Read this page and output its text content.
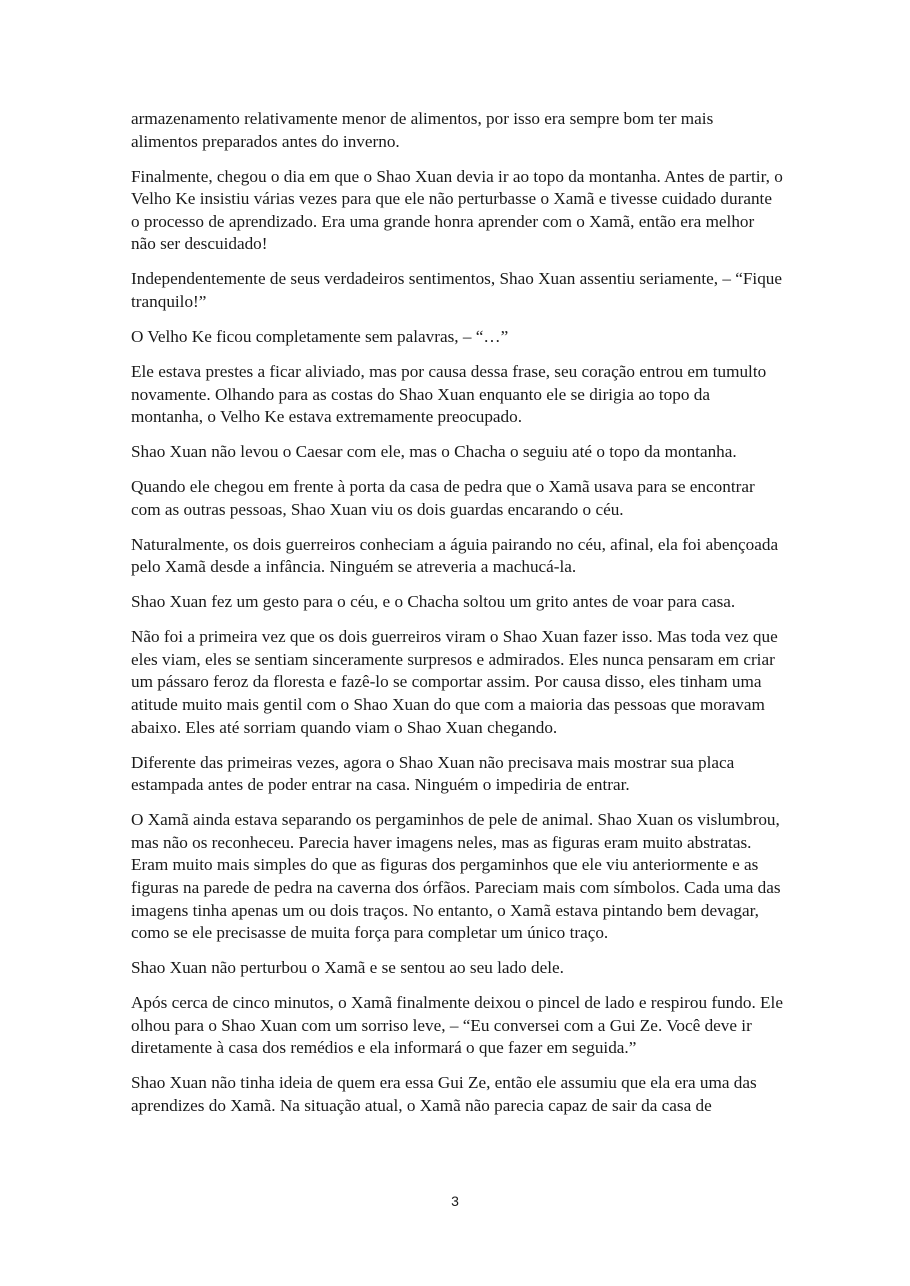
armazenamento relativamente menor de alimentos, por isso era sempre bom ter mais alimentos preparados antes do inverno.

Finalmente, chegou o dia em que o Shao Xuan devia ir ao topo da montanha. Antes de partir, o Velho Ke insistiu várias vezes para que ele não perturbasse o Xamã e tivesse cuidado durante o processo de aprendizado. Era uma grande honra aprender com o Xamã, então era melhor não ser descuidado!

Independentemente de seus verdadeiros sentimentos, Shao Xuan assentiu seriamente, – “Fique tranquilo!”

O Velho Ke ficou completamente sem palavras, – “…”

Ele estava prestes a ficar aliviado, mas por causa dessa frase, seu coração entrou em tumulto novamente. Olhando para as costas do Shao Xuan enquanto ele se dirigia ao topo da montanha, o Velho Ke estava extremamente preocupado.

Shao Xuan não levou o Caesar com ele, mas o Chacha o seguiu até o topo da montanha.

Quando ele chegou em frente à porta da casa de pedra que o Xamã usava para se encontrar com as outras pessoas, Shao Xuan viu os dois guardas encarando o céu.

Naturalmente, os dois guerreiros conheciam a águia pairando no céu, afinal, ela foi abençoada pelo Xamã desde a infância. Ninguém se atreveria a machucá-la.

Shao Xuan fez um gesto para o céu, e o Chacha soltou um grito antes de voar para casa.

Não foi a primeira vez que os dois guerreiros viram o Shao Xuan fazer isso. Mas toda vez que eles viam, eles se sentiam sinceramente surpresos e admirados. Eles nunca pensaram em criar um pássaro feroz da floresta e fazê-lo se comportar assim. Por causa disso, eles tinham uma atitude muito mais gentil com o Shao Xuan do que com a maioria das pessoas que moravam abaixo. Eles até sorriam quando viam o Shao Xuan chegando.

Diferente das primeiras vezes, agora o Shao Xuan não precisava mais mostrar sua placa estampada antes de poder entrar na casa. Ninguém o impediria de entrar.

O Xamã ainda estava separando os pergaminhos de pele de animal. Shao Xuan os vislumbrou, mas não os reconheceu. Parecia haver imagens neles, mas as figuras eram muito abstratas. Eram muito mais simples do que as figuras dos pergaminhos que ele viu anteriormente e as figuras na parede de pedra na caverna dos órfãos. Pareciam mais com símbolos. Cada uma das imagens tinha apenas um ou dois traços. No entanto, o Xamã estava pintando bem devagar, como se ele precisasse de muita força para completar um único traço.

Shao Xuan não perturbou o Xamã e se sentou ao seu lado dele.

Após cerca de cinco minutos, o Xamã finalmente deixou o pincel de lado e respirou fundo. Ele olhou para o Shao Xuan com um sorriso leve, – “Eu conversei com a Gui Ze. Você deve ir diretamente à casa dos remédios e ela informará o que fazer em seguida.”

Shao Xuan não tinha ideia de quem era essa Gui Ze, então ele assumiu que ela era uma das aprendizes do Xamã. Na situação atual, o Xamã não parecia capaz de sair da casa de

3
